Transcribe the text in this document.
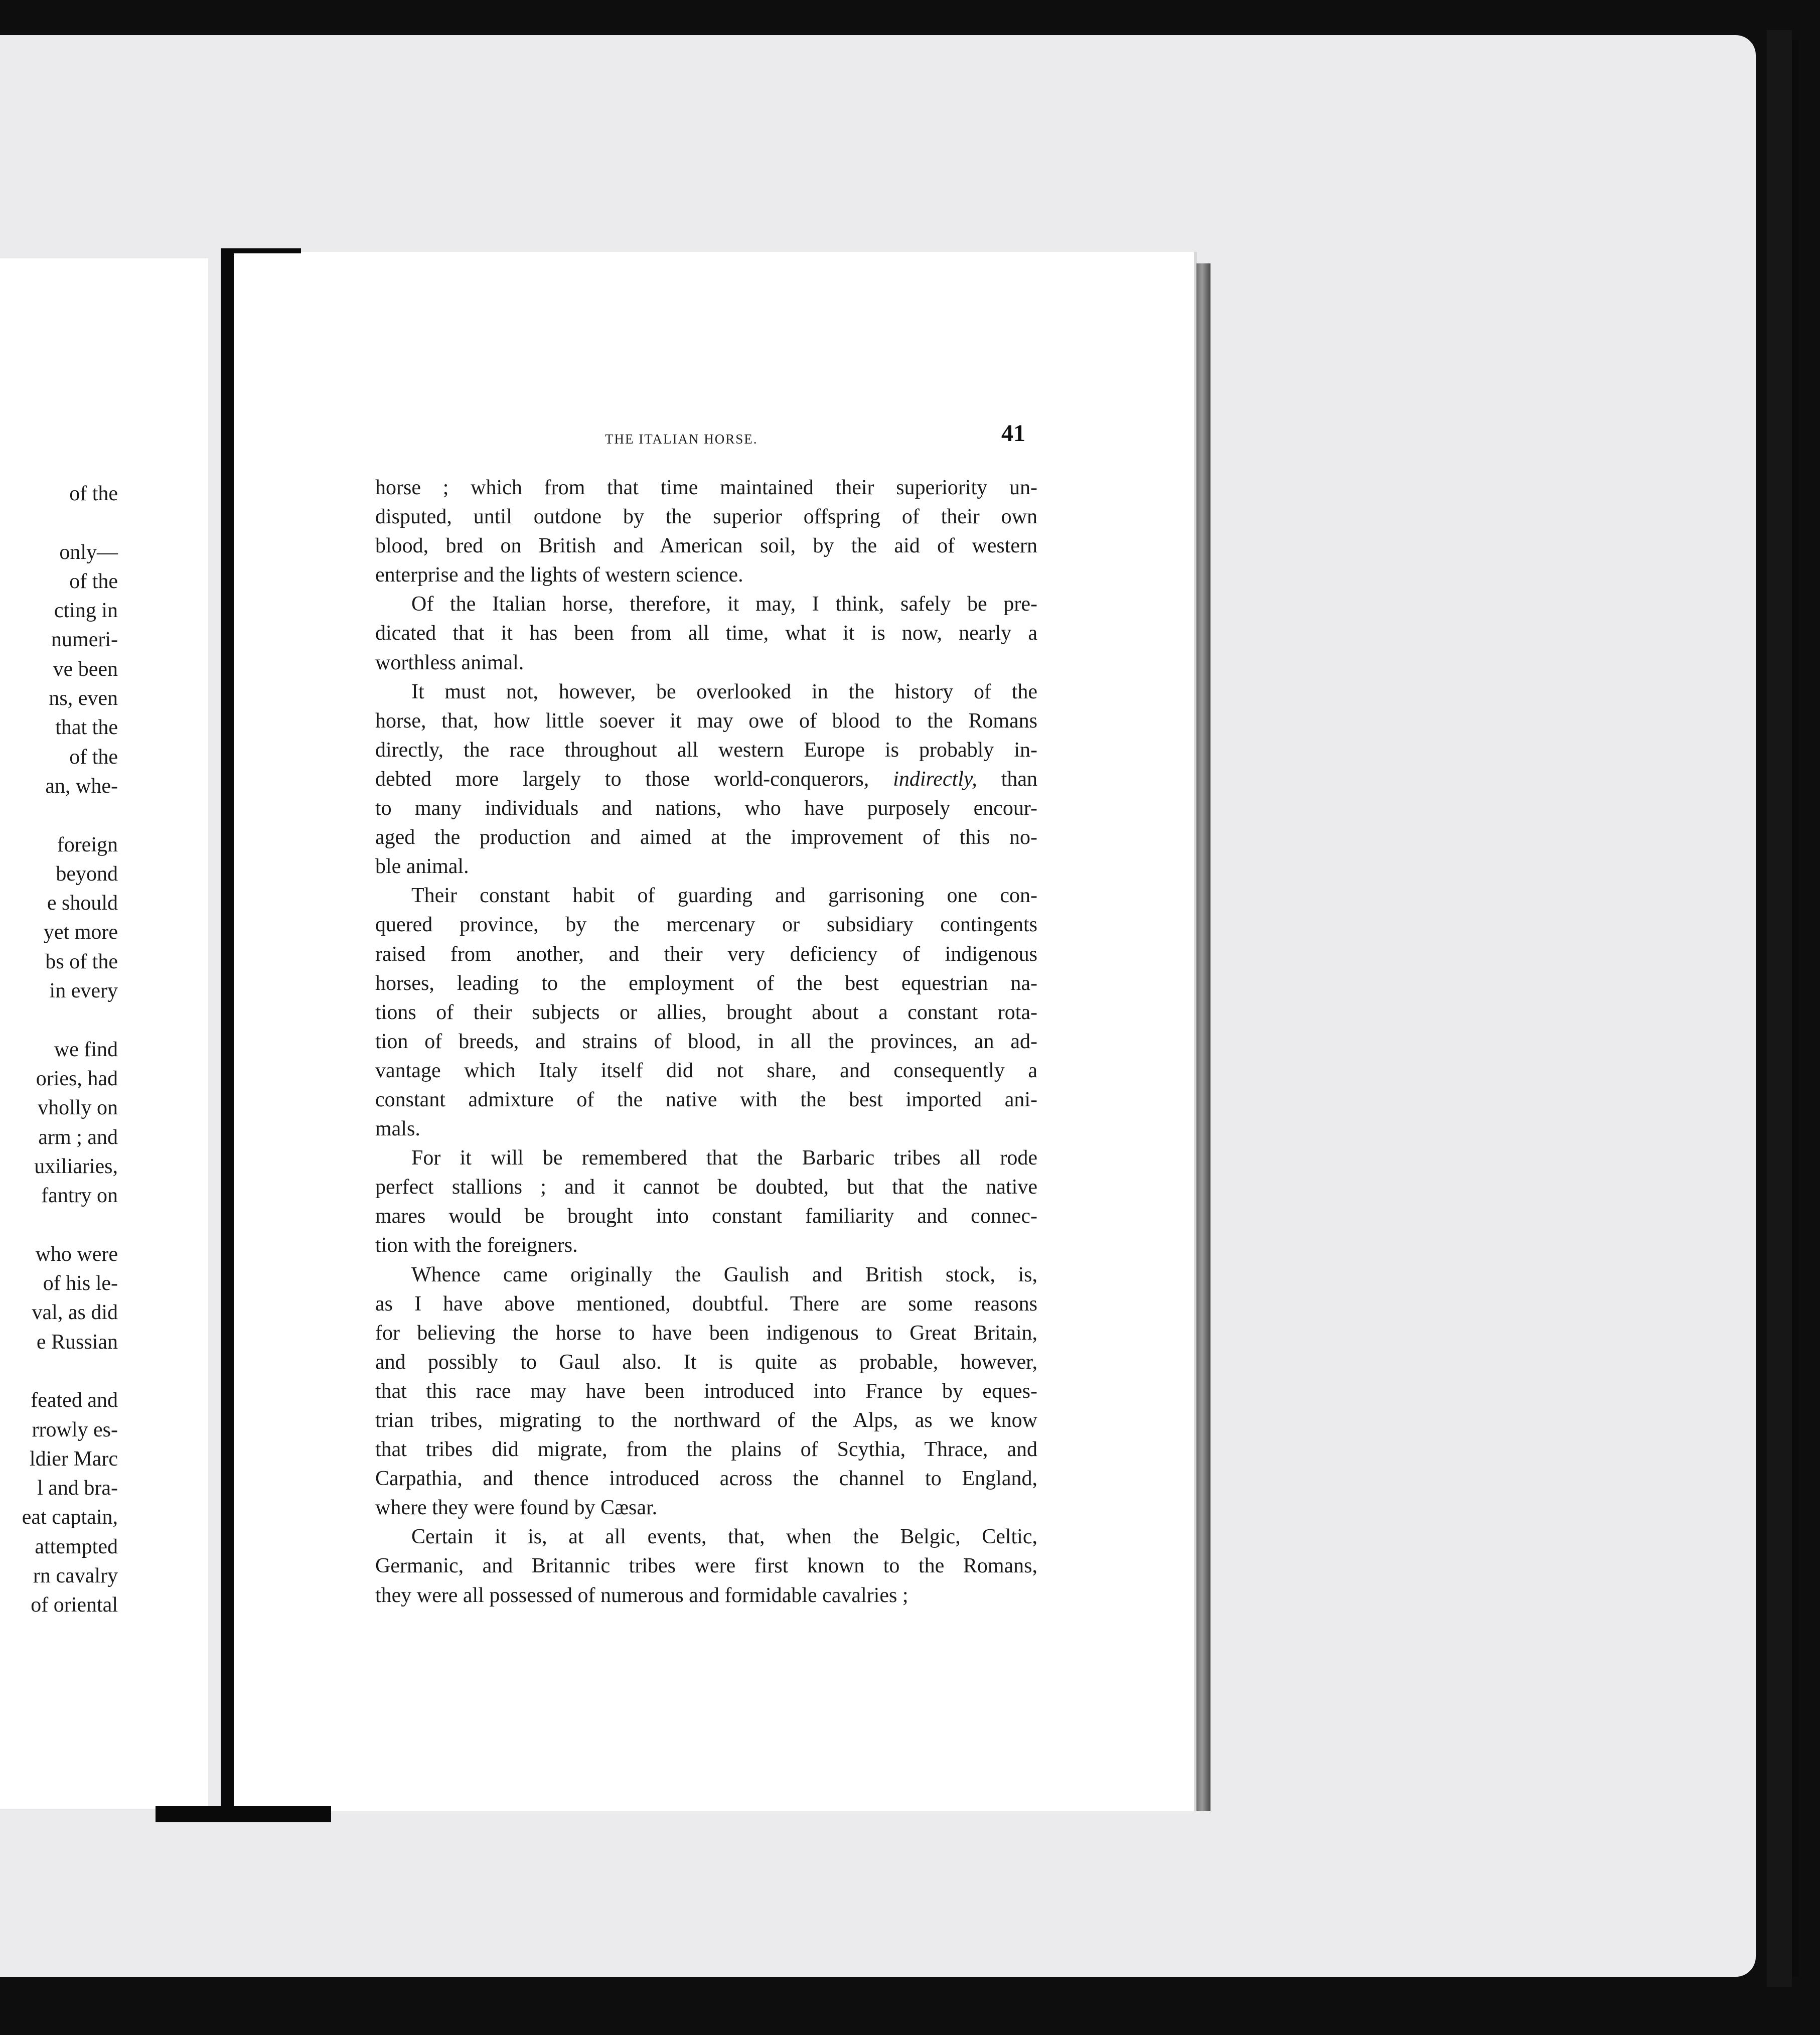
of the

only—
of the
cting in
numeri-
ve been
ns, even
that the
of the
an, whe-

foreign
beyond
e should
yet more
bs of the
in every

we find
ories, had
vholly on
arm ; and
uxiliaries,
fantry on

who were
of his le-
val, as did
e Russian

feated and
rrowly es-
ldier Marc
l and bra-
eat captain,
attempted
rn cavalry
of oriental
THE ITALIAN HORSE.	41
horse ; which from that time maintained their superiority un-
disputed, until outdone by the superior offspring of their own
blood, bred on British and American soil, by the aid of western
enterprise and the lights of western science.
Of the Italian horse, therefore, it may, I think, safely be pre-
dicated that it has been from all time, what it is now, nearly a
worthless animal.
It must not, however, be overlooked in the history of the
horse, that, how little soever it may owe of blood to the Romans
directly, the race throughout all western Europe is probably in-
debted more largely to those world-conquerors, indirectly, than
to many individuals and nations, who have purposely encour-
aged the production and aimed at the improvement of this no-
ble animal.
Their constant habit of guarding and garrisoning one con-
quered province, by the mercenary or subsidiary contingents
raised from another, and their very deficiency of indigenous
horses, leading to the employment of the best equestrian na-
tions of their subjects or allies, brought about a constant rota-
tion of breeds, and strains of blood, in all the provinces, an ad-
vantage which Italy itself did not share, and consequently a
constant admixture of the native with the best imported ani-
mals.
For it will be remembered that the Barbaric tribes all rode
perfect stallions ; and it cannot be doubted, but that the native
mares would be brought into constant familiarity and connec-
tion with the foreigners.
Whence came originally the Gaulish and British stock, is,
as I have above mentioned, doubtful. There are some reasons
for believing the horse to have been indigenous to Great Britain,
and possibly to Gaul also. It is quite as probable, however,
that this race may have been introduced into France by eques-
trian tribes, migrating to the northward of the Alps, as we know
that tribes did migrate, from the plains of Scythia, Thrace, and
Carpathia, and thence introduced across the channel to England,
where they were found by Cæsar.
Certain it is, at all events, that, when the Belgic, Celtic,
Germanic, and Britannic tribes were first known to the Romans,
they were all possessed of numerous and formidable cavalries ;
